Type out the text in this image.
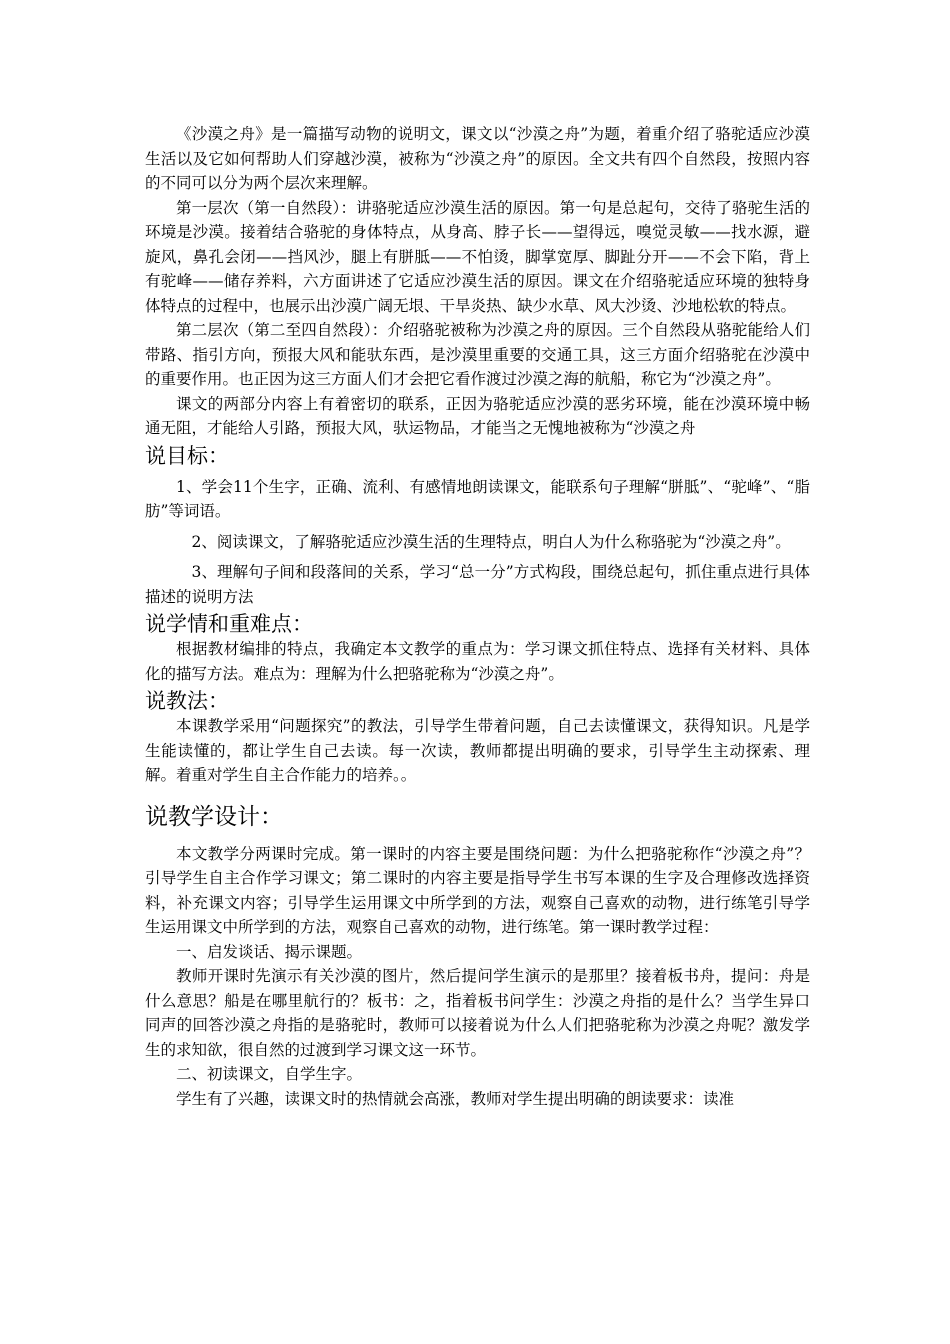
《沙漠之舟》是一篇描写动物的说明文，课文以“沙漠之舟”为题，着重介绍了骆驼适应沙漠生活以及它如何帮助人们穿越沙漠，被称为“沙漠之舟”的原因。全文共有四个自然段，按照内容的不同可以分为两个层次来理解。

第一层次（第一自然段）：讲骆驼适应沙漠生活的原因。第一句是总起句，交待了骆驼生活的环境是沙漠。接着结合骆驼的身体特点，从身高、脖子长——望得远，嗅觉灵敏——找水源，避旋风，鼻孔会闭——挡风沙，腿上有胼胝——不怕烫，脚掌宽厚、脚趾分开——不会下陷，背上有驼峰——储存养料，六方面讲述了它适应沙漠生活的原因。课文在介绍骆驼适应环境的独特身体特点的过程中，也展示出沙漠广阔无垠、干旱炎热、缺少水草、风大沙烫、沙地松软的特点。

第二层次（第二至四自然段）：介绍骆驼被称为沙漠之舟的原因。三个自然段从骆驼能给人们带路、指引方向，预报大风和能驮东西，是沙漠里重要的交通工具，这三方面介绍骆驼在沙漠中的重要作用。也正因为这三方面人们才会把它看作渡过沙漠之海的航船，称它为“沙漠之舟”。

课文的两部分内容上有着密切的联系，正因为骆驼适应沙漠的恶劣环境，能在沙漠环境中畅通无阻，才能给人引路，预报大风，驮运物品，才能当之无愧地被称为“沙漠之舟

说目标：

1、学会11个生字，正确、流利、有感情地朗读课文，能联系句子理解“胼胝”、“驼峰”、“脂肪”等词语。

2、阅读课文，了解骆驼适应沙漠生活的生理特点，明白人为什么称骆驼为“沙漠之舟”。

3、理解句子间和段落间的关系，学习“总一分”方式构段，围绕总起句，抓住重点进行具体描述的说明方法

说学情和重难点：

根据教材编排的特点，我确定本文教学的重点为：学习课文抓住特点、选择有关材料、具体化的描写方法。难点为：理解为什么把骆驼称为“沙漠之舟”。

说教法：

本课教学采用“问题探究”的教法，引导学生带着问题，自己去读懂课文，获得知识。凡是学生能读懂的，都让学生自己去读。每一次读，教师都提出明确的要求，引导学生主动探索、理解。着重对学生自主合作能力的培养。。

说教学设计：

本文教学分两课时完成。第一课时的内容主要是围绕问题：为什么把骆驼称作“沙漠之舟”？引导学生自主合作学习课文；第二课时的内容主要是指导学生书写本课的生字及合理修改选择资料，补充课文内容；引导学生运用课文中所学到的方法，观察自己喜欢的动物，进行练笔引导学生运用课文中所学到的方法，观察自己喜欢的动物，进行练笔。第一课时教学过程：

一、启发谈话、揭示课题。

教师开课时先演示有关沙漠的图片，然后提问学生演示的是那里？接着板书舟，提问：舟是什么意思？船是在哪里航行的？板书：之，指着板书问学生：沙漠之舟指的是什么？当学生异口同声的回答沙漠之舟指的是骆驼时，教师可以接着说为什么人们把骆驼称为沙漠之舟呢？激发学生的求知欲，很自然的过渡到学习课文这一环节。

二、初读课文，自学生字。

学生有了兴趣，读课文时的热情就会高涨，教师对学生提出明确的朗读要求：读准
